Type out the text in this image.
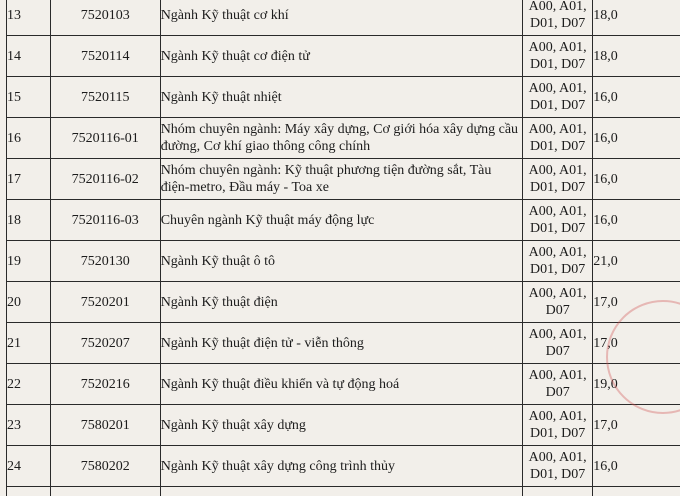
13	7520103	Ngành Kỹ thuật cơ khí	A00, A01,
D01, D07	18,0
14	7520114	Ngành Kỹ thuật cơ điện tử	A00, A01,
D01, D07	18,0
15	7520115	Ngành Kỹ thuật nhiệt	A00, A01,
D01, D07	16,0
16	7520116-01	Nhóm chuyên ngành: Máy xây dựng, Cơ giới hóa xây dựng cầu đường, Cơ khí giao thông công chính	A00, A01,
D01, D07	16,0
17	7520116-02	Nhóm chuyên ngành: Kỹ thuật phương tiện đường sắt, Tàu điện-metro, Đầu máy - Toa xe	A00, A01,
D01, D07	16,0
18	7520116-03	Chuyên ngành Kỹ thuật máy động lực	A00, A01,
D01, D07	16,0
19	7520130	Ngành Kỹ thuật ô tô	A00, A01,
D01, D07	21,0
20	7520201	Ngành Kỹ thuật điện	A00, A01,
D07	17,0
21	7520207	Ngành Kỹ thuật điện tử - viễn thông	A00, A01,
D07	17,0
22	7520216	Ngành Kỹ thuật điều khiển và tự động hoá	A00, A01,
D07	19,0
23	7580201	Ngành Kỹ thuật xây dựng	A00, A01,
D01, D07	17,0
24	7580202	Ngành Kỹ thuật xây dựng công trình thủy	A00, A01,
D01, D07	16,0
